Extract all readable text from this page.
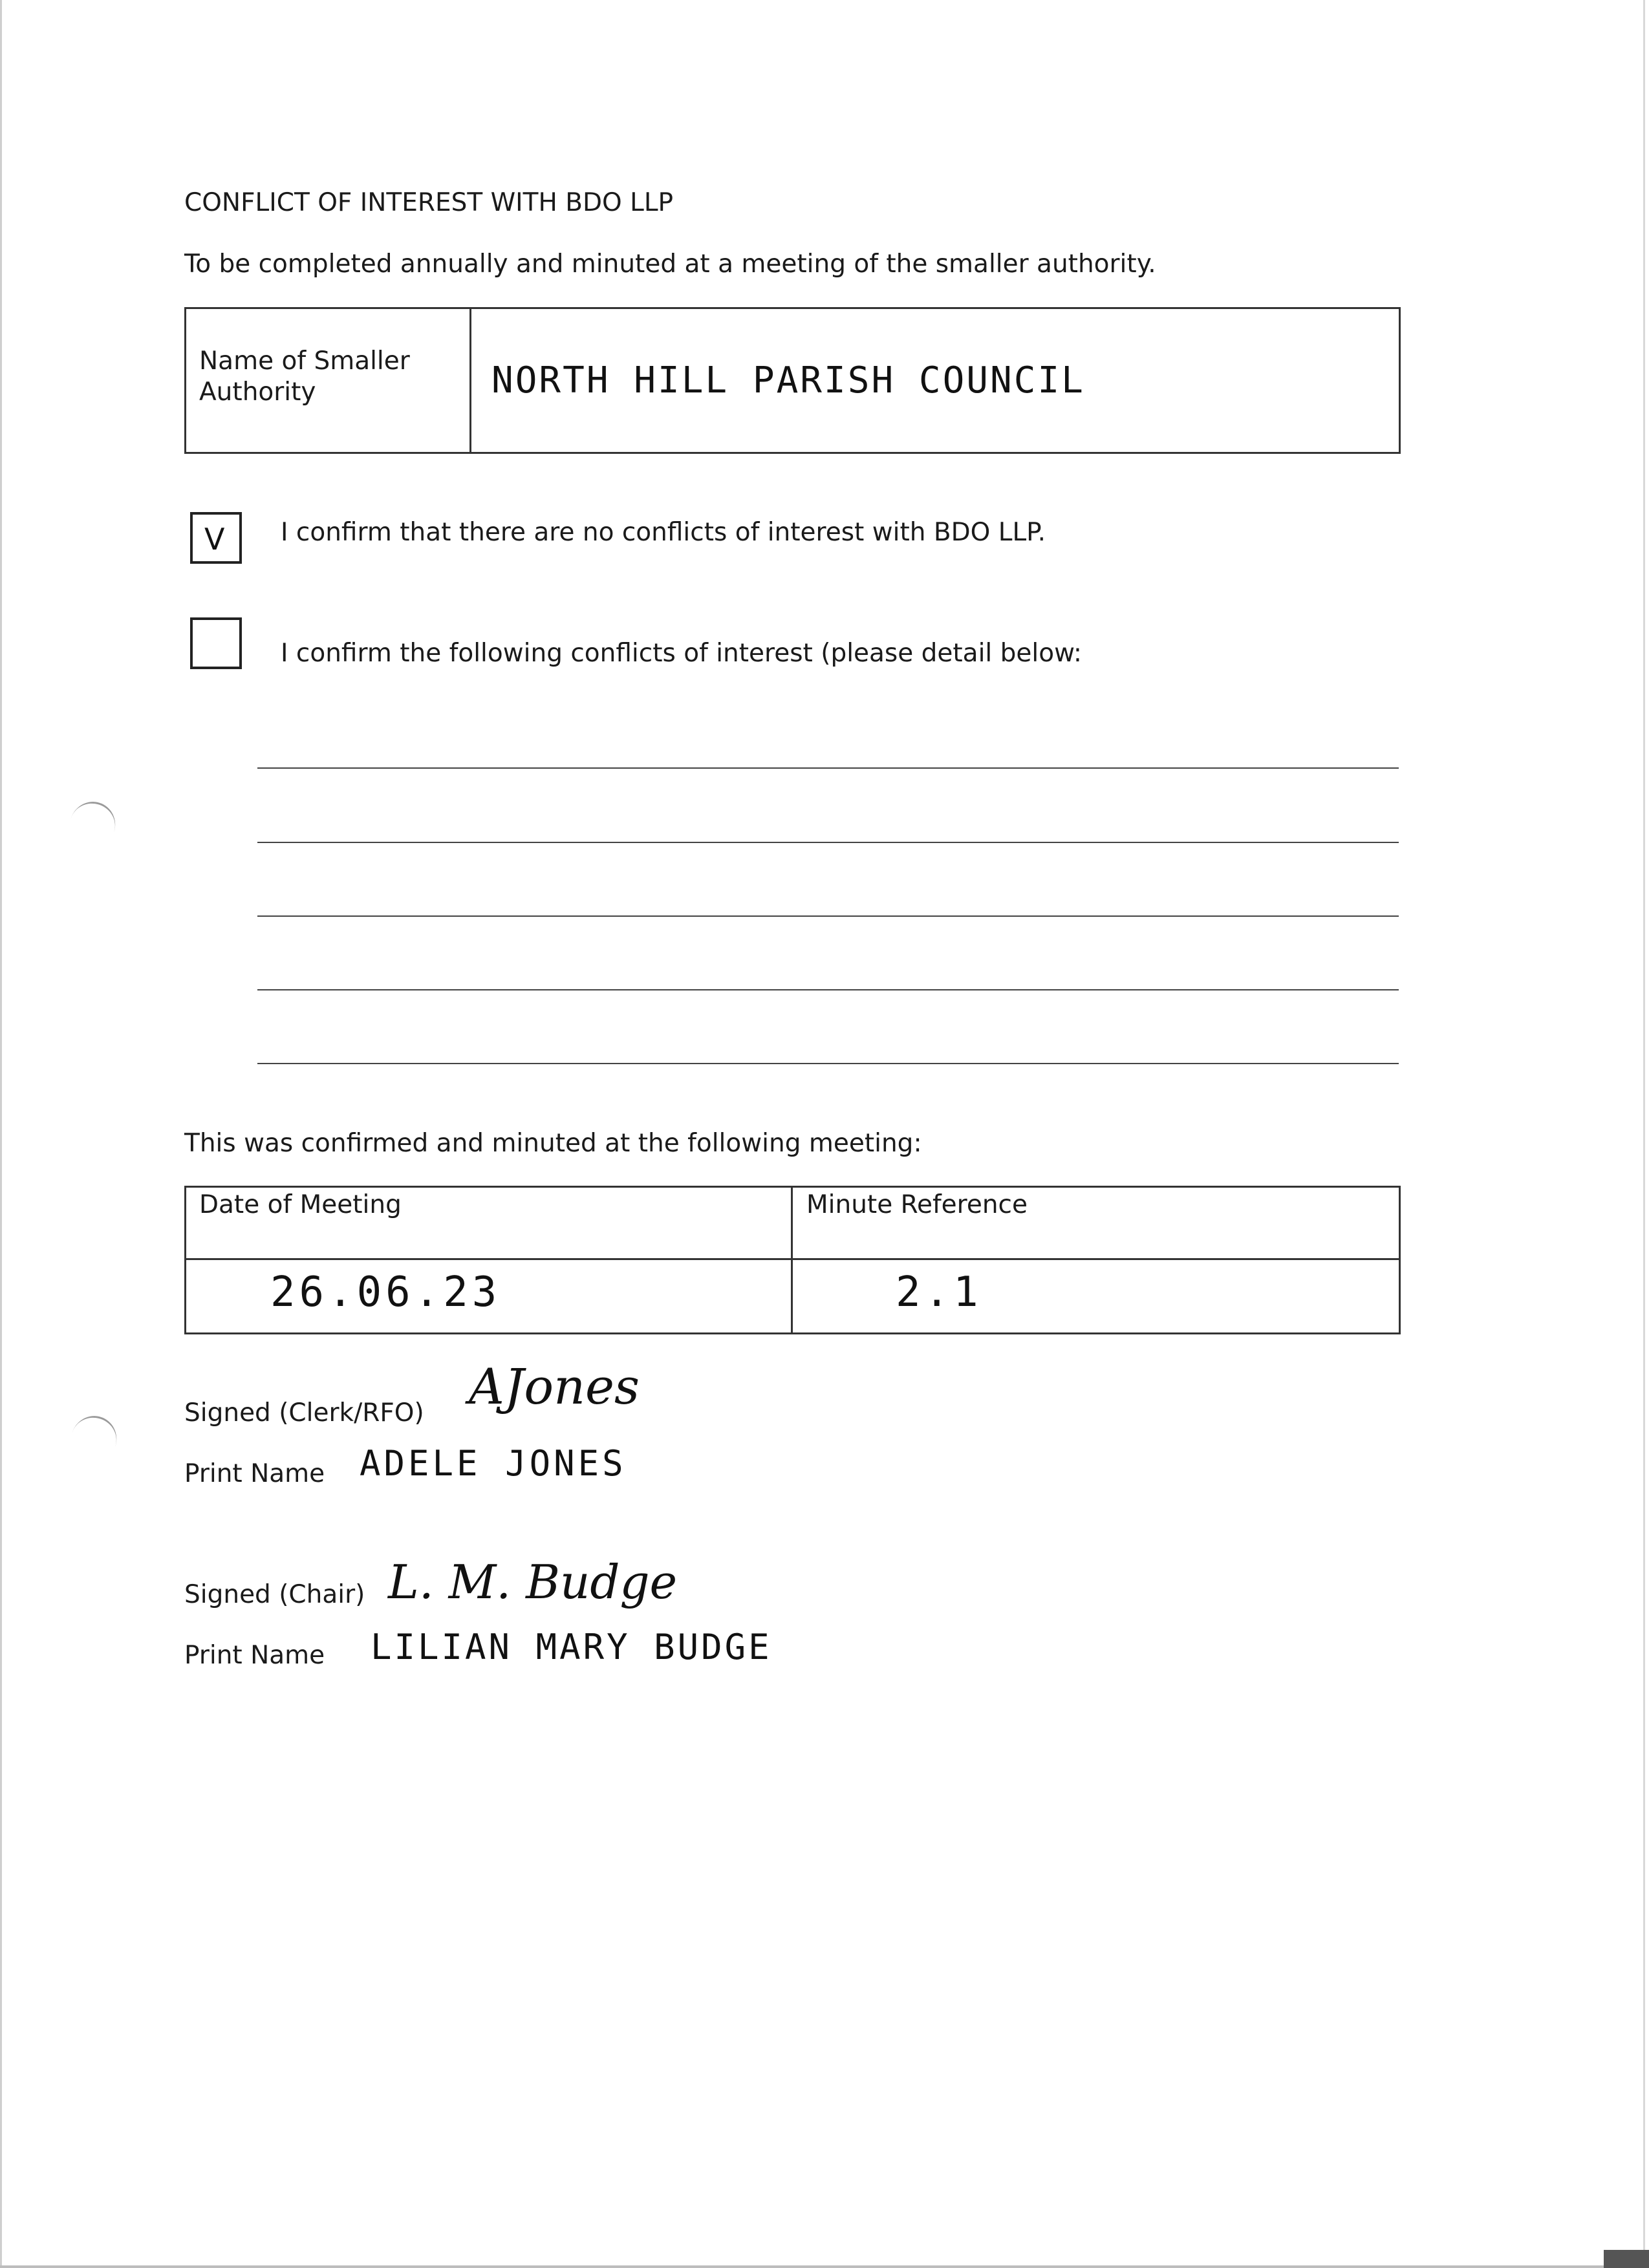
CONFLICT OF INTEREST WITH BDO LLP
To be completed annually and minuted at a meeting of the smaller authority.
Name of Smaller Authority	NORTH HILL PARISH COUNCIL
V I confirm that there are no conflicts of interest with BDO LLP.
I confirm the following conflicts of interest (please detail below:
This was confirmed and minuted at the following meeting:
Date of Meeting	Minute Reference
26.06.23	2.1
Signed (Clerk/RFO) AJones
Print Name ADELE JONES
Signed (Chair) L. M. Budge
Print Name LILIAN MARY BUDGE
